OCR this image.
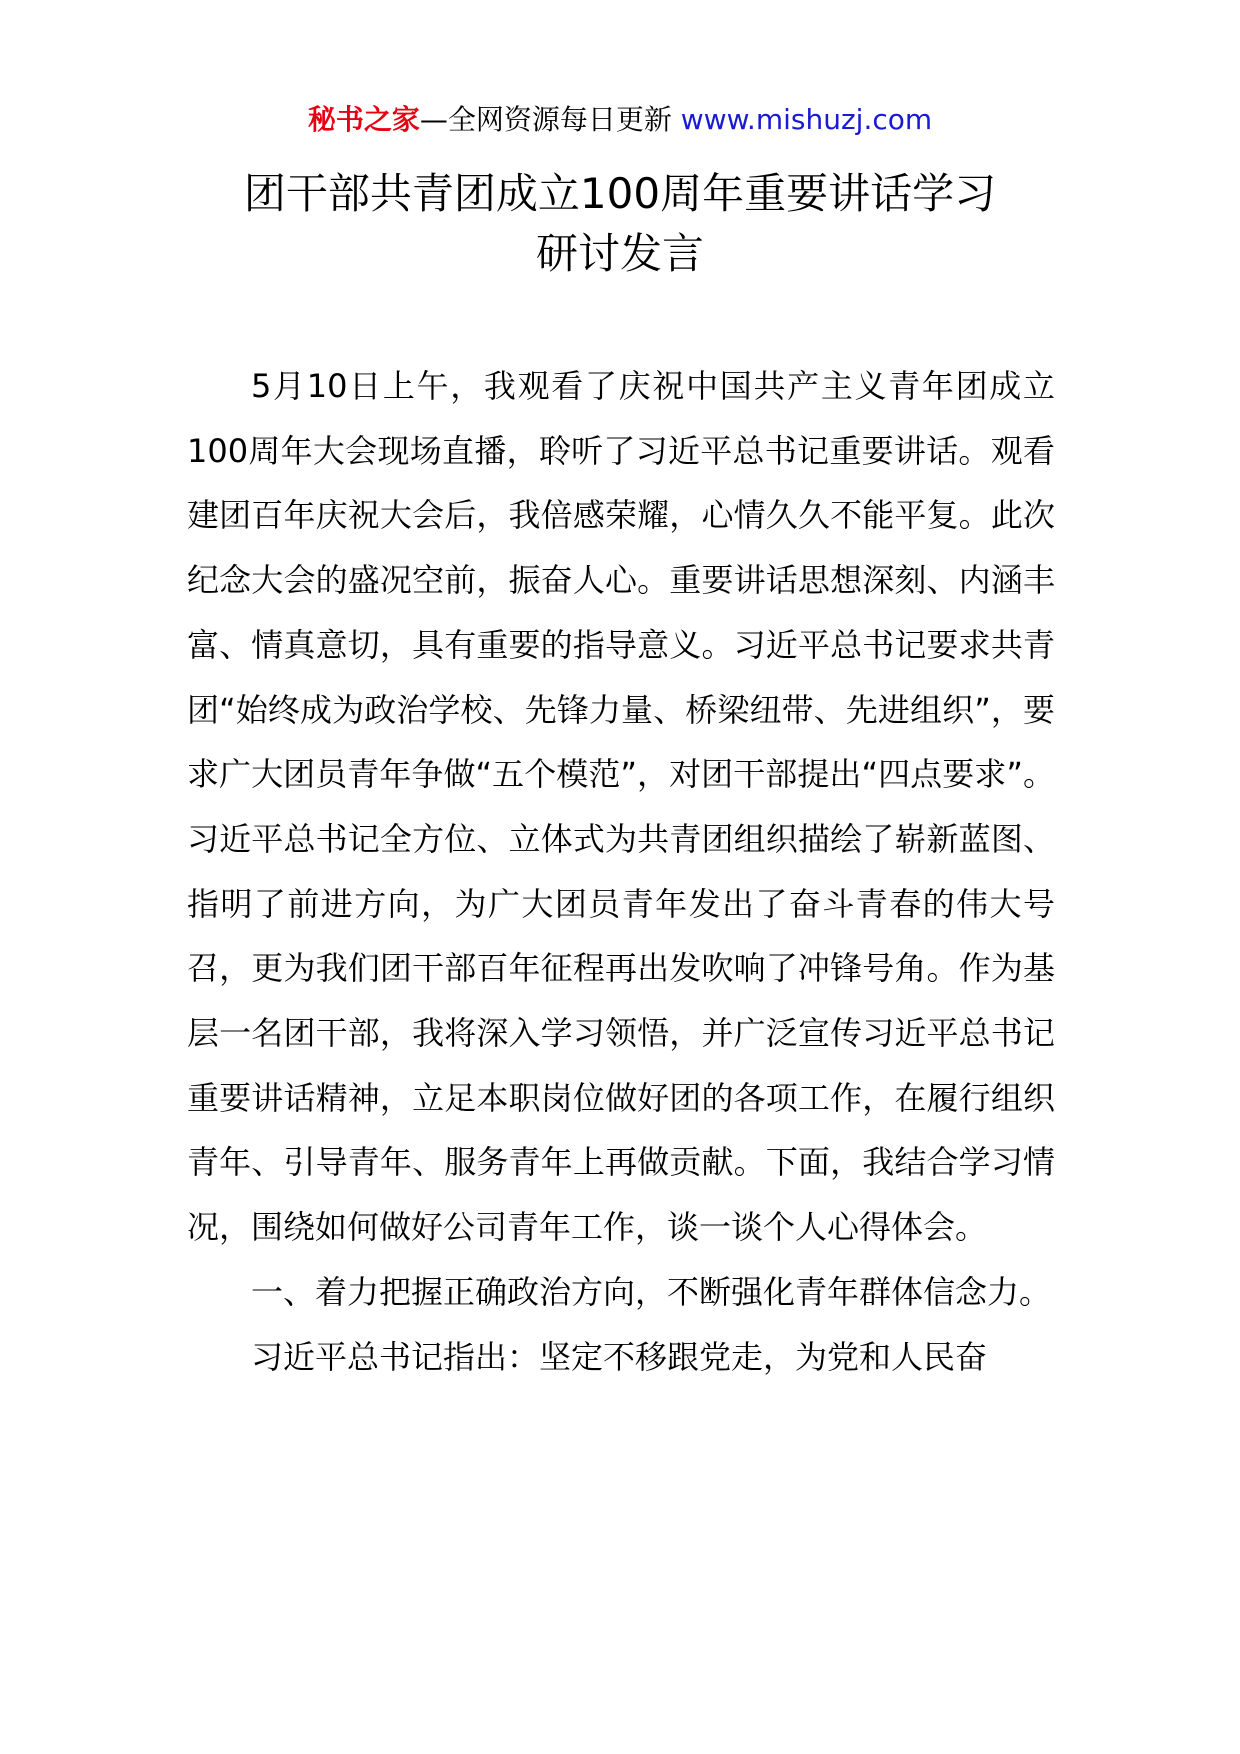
秘书之家—全网资源每日更新 www.mishuzj.com
团干部共青团成立100周年重要讲话学习
研讨发言

5月10日上午，我观看了庆祝中国共产主义青年团成立100周年大会现场直播，聆听了习近平总书记重要讲话。观看建团百年庆祝大会后，我倍感荣耀，心情久久不能平复。此次纪念大会的盛况空前，振奋人心。重要讲话思想深刻、内涵丰富、情真意切，具有重要的指导意义。习近平总书记要求共青团“始终成为政治学校、先锋力量、桥梁纽带、先进组织”，要求广大团员青年争做“五个模范”，对团干部提出“四点要求”。习近平总书记全方位、立体式为共青团组织描绘了崭新蓝图、指明了前进方向，为广大团员青年发出了奋斗青春的伟大号召，更为我们团干部百年征程再出发吹响了冲锋号角。作为基层一名团干部，我将深入学习领悟，并广泛宣传习近平总书记重要讲话精神，立足本职岗位做好团的各项工作，在履行组织青年、引导青年、服务青年上再做贡献。下面，我结合学习情况，围绕如何做好公司青年工作，谈一谈个人心得体会。

一、着力把握正确政治方向，不断强化青年群体信念力。

习近平总书记指出：坚定不移跟党走，为党和人民奋
